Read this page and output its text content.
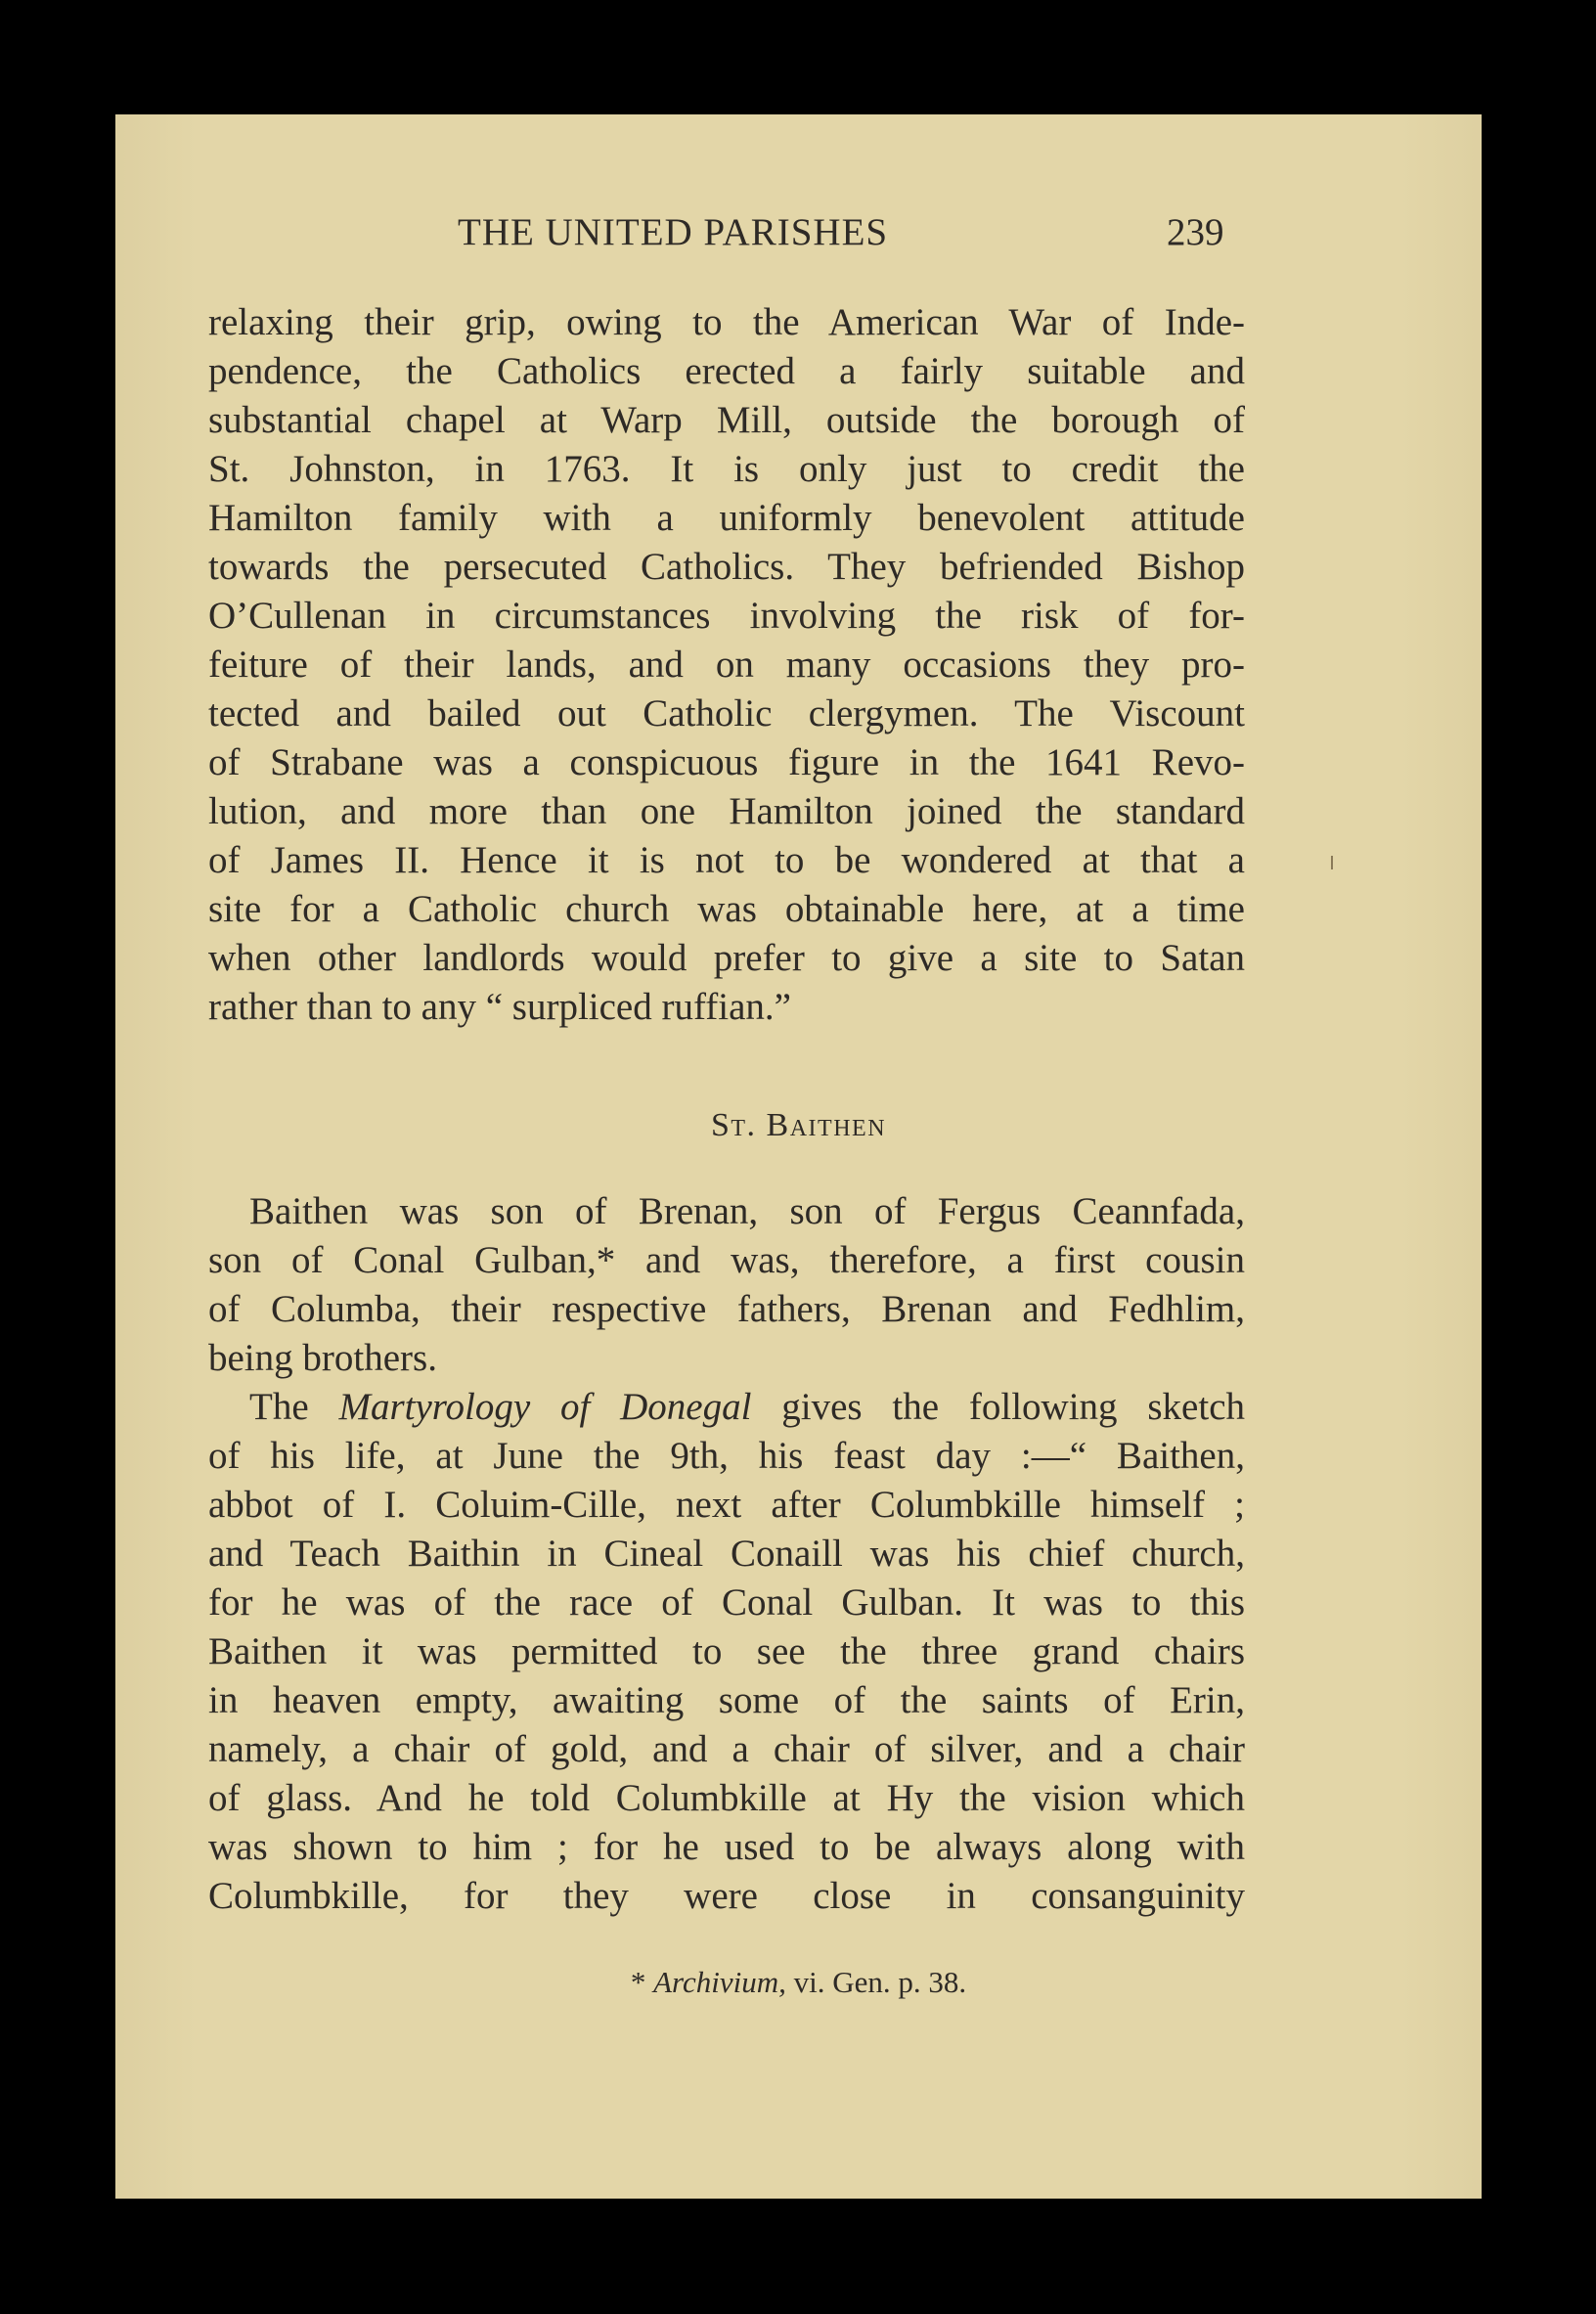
THE UNITED PARISHES	239
relaxing their grip, owing to the American War of Inde-
pendence, the Catholics erected a fairly suitable and
substantial chapel at Warp Mill, outside the borough of
St. Johnston, in 1763. It is only just to credit the
Hamilton family with a uniformly benevolent attitude
towards the persecuted Catholics. They befriended Bishop
O’Cullenan in circumstances involving the risk of for-
feiture of their lands, and on many occasions they pro-
tected and bailed out Catholic clergymen. The Viscount
of Strabane was a conspicuous figure in the 1641 Revo-
lution, and more than one Hamilton joined the standard
of James II. Hence it is not to be wondered at that a
site for a Catholic church was obtainable here, at a time
when other landlords would prefer to give a site to Satan
rather than to any “ surpliced ruffian.”
St. Baithen
Baithen was son of Brenan, son of Fergus Ceannfada,
son of Conal Gulban,* and was, therefore, a first cousin
of Columba, their respective fathers, Brenan and Fedhlim,
being brothers.
The Martyrology of Donegal gives the following sketch
of his life, at June the 9th, his feast day :—“ Baithen,
abbot of I. Coluim-Cille, next after Columbkille himself ;
and Teach Baithin in Cineal Conaill was his chief church,
for he was of the race of Conal Gulban. It was to this
Baithen it was permitted to see the three grand chairs
in heaven empty, awaiting some of the saints of Erin,
namely, a chair of gold, and a chair of silver, and a chair
of glass. And he told Columbkille at Hy the vision which
was shown to him ; for he used to be always along with
Columbkille, for they were close in consanguinity
* Archivium, vi. Gen. p. 38.
